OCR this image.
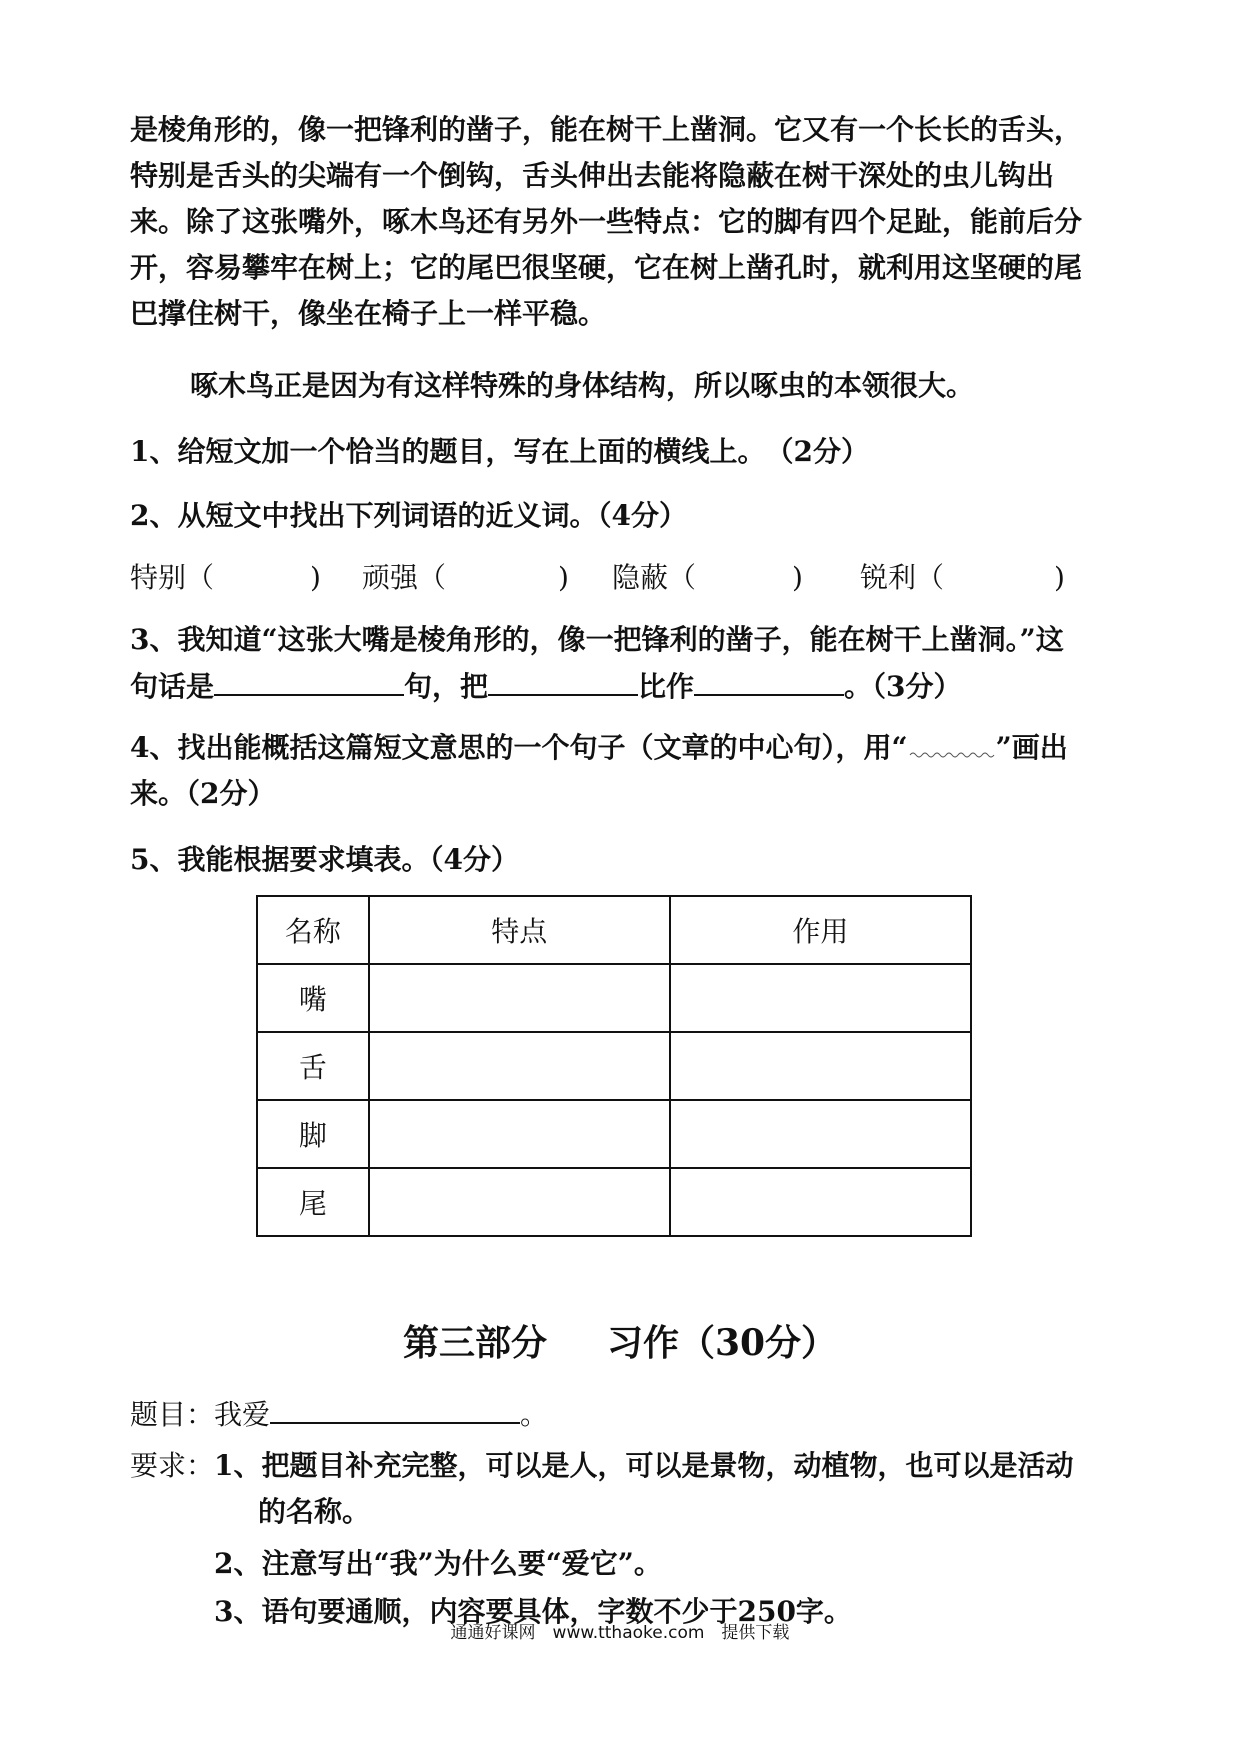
是棱角形的，像一把锋利的凿子，能在树干上凿洞。它又有一个长长的舌头，
特别是舌头的尖端有一个倒钩，舌头伸出去能将隐蔽在树干深处的虫儿钩出
来。除了这张嘴外，啄木鸟还有另外一些特点：它的脚有四个足趾，能前后分
开，容易攀牢在树上；它的尾巴很坚硬，它在树上凿孔时，就利用这坚硬的尾
巴撑住树干，像坐在椅子上一样平稳。
啄木鸟正是因为有这样特殊的身体结构，所以啄虫的本领很大。
1、给短文加一个恰当的题目，写在上面的横线上。　（2分）
2、从短文中找出下列词语的近义词。（4分）
特别（	) 顽强（	) 隐蔽（	) 锐利（	)
3、我知道“这张大嘴是棱角形的，像一把锋利的凿子，能在树干上凿洞。”这
句话是	句，把	比作	。（3分）
4、找出能概括这篇短文意思的一个句子（文章的中心句），用“	”画出
来。（2分）
5、我能根据要求填表。（4分）
名称	特点	作用
嘴		
舌		
脚		
尾		
第三部分 习作（30分）
题目：我爱	。
要求：1、把题目补充完整，可以是人，可以是景物，动植物，也可以是活动
的名称。
2、注意写出“我”为什么要“爱它”。
3、语句要通顺，内容要具体，字数不少于250字。
通通好课网　www.tthaoke.com　提供下载
